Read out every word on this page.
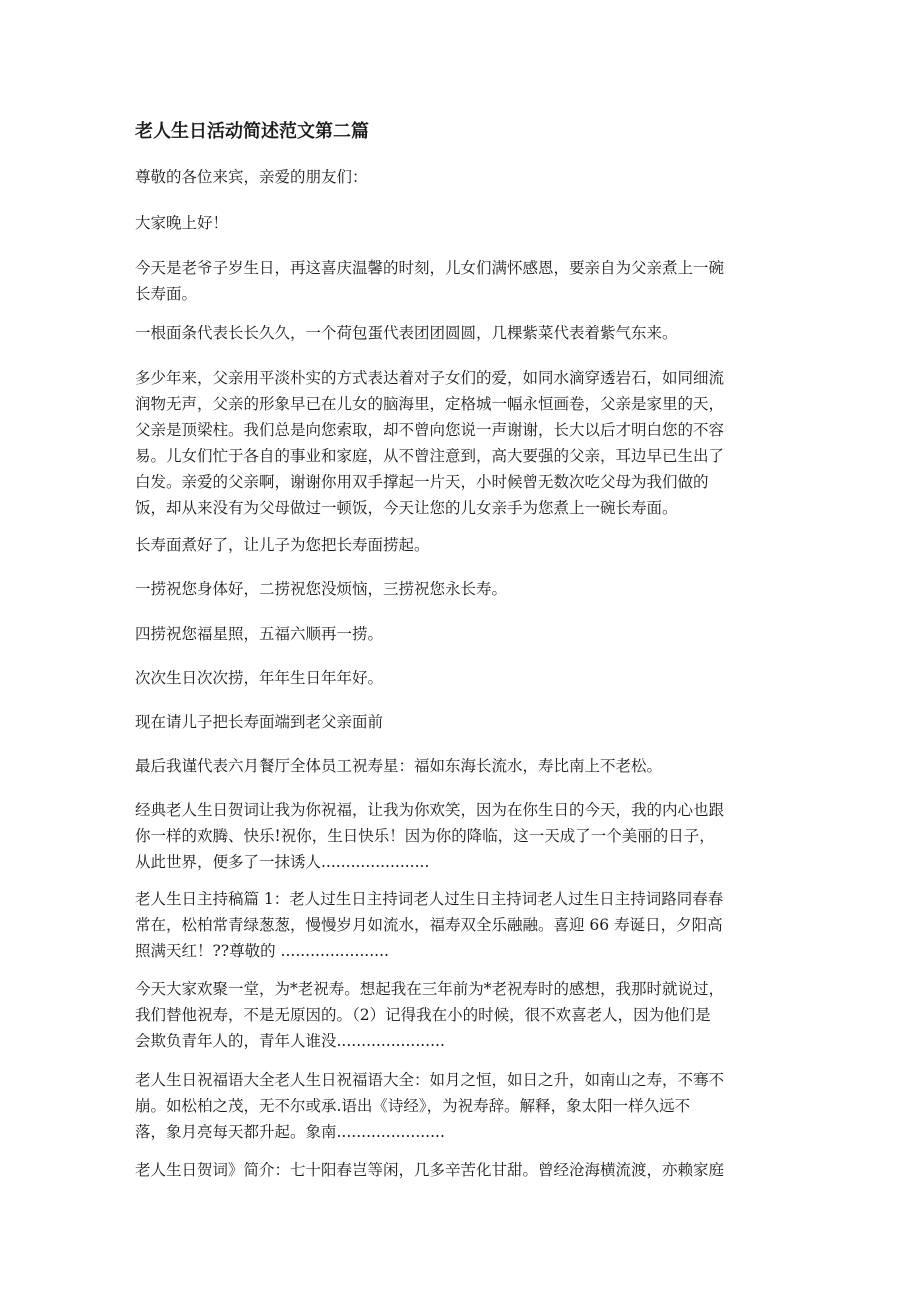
老人生日活动简述范文第二篇

尊敬的各位来宾，亲爱的朋友们：

大家晚上好！

今天是老爷子岁生日，再这喜庆温馨的时刻，儿女们满怀感恩，要亲自为父亲煮上一碗
长寿面。

一根面条代表长长久久，一个荷包蛋代表团团圆圆，几棵紫菜代表着紫气东来。

多少年来，父亲用平淡朴实的方式表达着对子女们的爱，如同水滴穿透岩石，如同细流
润物无声，父亲的形象早已在儿女的脑海里，定格城一幅永恒画卷，父亲是家里的天，
父亲是顶梁柱。我们总是向您索取，却不曾向您说一声谢谢，长大以后才明白您的不容
易。儿女们忙于各自的事业和家庭，从不曾注意到，高大要强的父亲，耳边早已生出了
白发。亲爱的父亲啊，谢谢你用双手撑起一片天，小时候曾无数次吃父母为我们做的
饭，却从来没有为父母做过一顿饭，今天让您的儿女亲手为您煮上一碗长寿面。

长寿面煮好了，让儿子为您把长寿面捞起。

一捞祝您身体好，二捞祝您没烦恼，三捞祝您永长寿。

四捞祝您福星照，五福六顺再一捞。

次次生日次次捞，年年生日年年好。

现在请儿子把长寿面端到老父亲面前

最后我谨代表六月餐厅全体员工祝寿星：福如东海长流水，寿比南上不老松。

经典老人生日贺词让我为你祝福，让我为你欢笑，因为在你生日的今天，我的内心也跟
你一样的欢腾、快乐!祝你，生日快乐！因为你的降临，这一天成了一个美丽的日子，
从此世界，便多了一抹诱人......................

老人生日主持稿篇 1：老人过生日主持词老人过生日主持词老人过生日主持词路同春春
常在，松柏常青绿葱葱，慢慢岁月如流水，福寿双全乐融融。喜迎 66 寿诞日，夕阳高
照满天红！??尊敬的 ......................

今天大家欢聚一堂，为*老祝寿。想起我在三年前为*老祝寿时的感想，我那时就说过，
我们替他祝寿，不是无原因的。（2）记得我在小的时候，很不欢喜老人，因为他们是
会欺负青年人的，青年人谁没......................

老人生日祝福语大全老人生日祝福语大全：如月之恒，如日之升，如南山之寿，不骞不
崩。如松柏之茂，无不尔或承.语出《诗经》，为祝寿辞。解释，象太阳一样久远不
落，象月亮每天都升起。象南......................

老人生日贺词》简介：七十阳春岂等闲，几多辛苦化甘甜。曾经沧海横流渡，亦赖家庭
